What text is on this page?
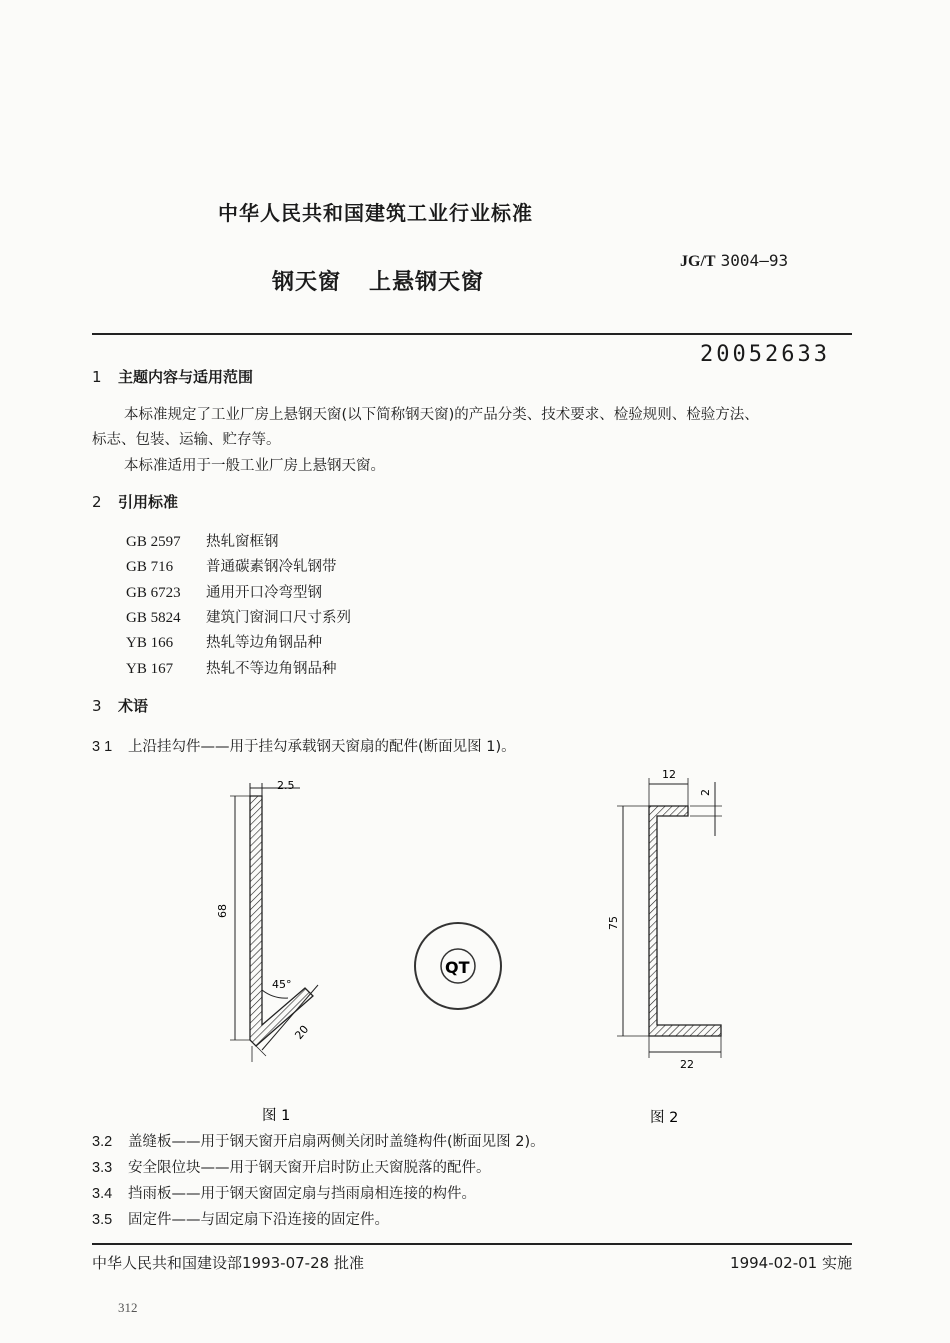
中华人民共和国建筑工业行业标准
JG/T 3004—93
钢天窗 上悬钢天窗
20052633
1 主题内容与适用范围
本标准规定了工业厂房上悬钢天窗(以下简称钢天窗)的产品分类、技术要求、检验规则、检验方法、
标志、包装、运输、贮存等。
本标准适用于一般工业厂房上悬钢天窗。
2 引用标准
GB 2597 热轧窗框钢
GB 716 普通碳素钢冷轧钢带
GB 6723 通用开口冷弯型钢
GB 5824 建筑门窗洞口尺寸系列
YB 166 热轧等边角钢品种
YB 167 热轧不等边角钢品种
3 术语
3 1 上沿挂勾件——用于挂勾承载钢天窗扇的配件(断面见图 1)。
2.5
68
45°
20
图 1
QT
12
2
75
22
图 2
3.2 盖缝板——用于钢天窗开启扇两侧关闭时盖缝构件(断面见图 2)。
3.3 安全限位块——用于钢天窗开启时防止天窗脱落的配件。
3.4 挡雨板——用于钢天窗固定扇与挡雨扇相连接的构件。
3.5 固定件——与固定扇下沿连接的固定件。
中华人民共和国建设部1993-07-28 批准	1994-02-01 实施
312
